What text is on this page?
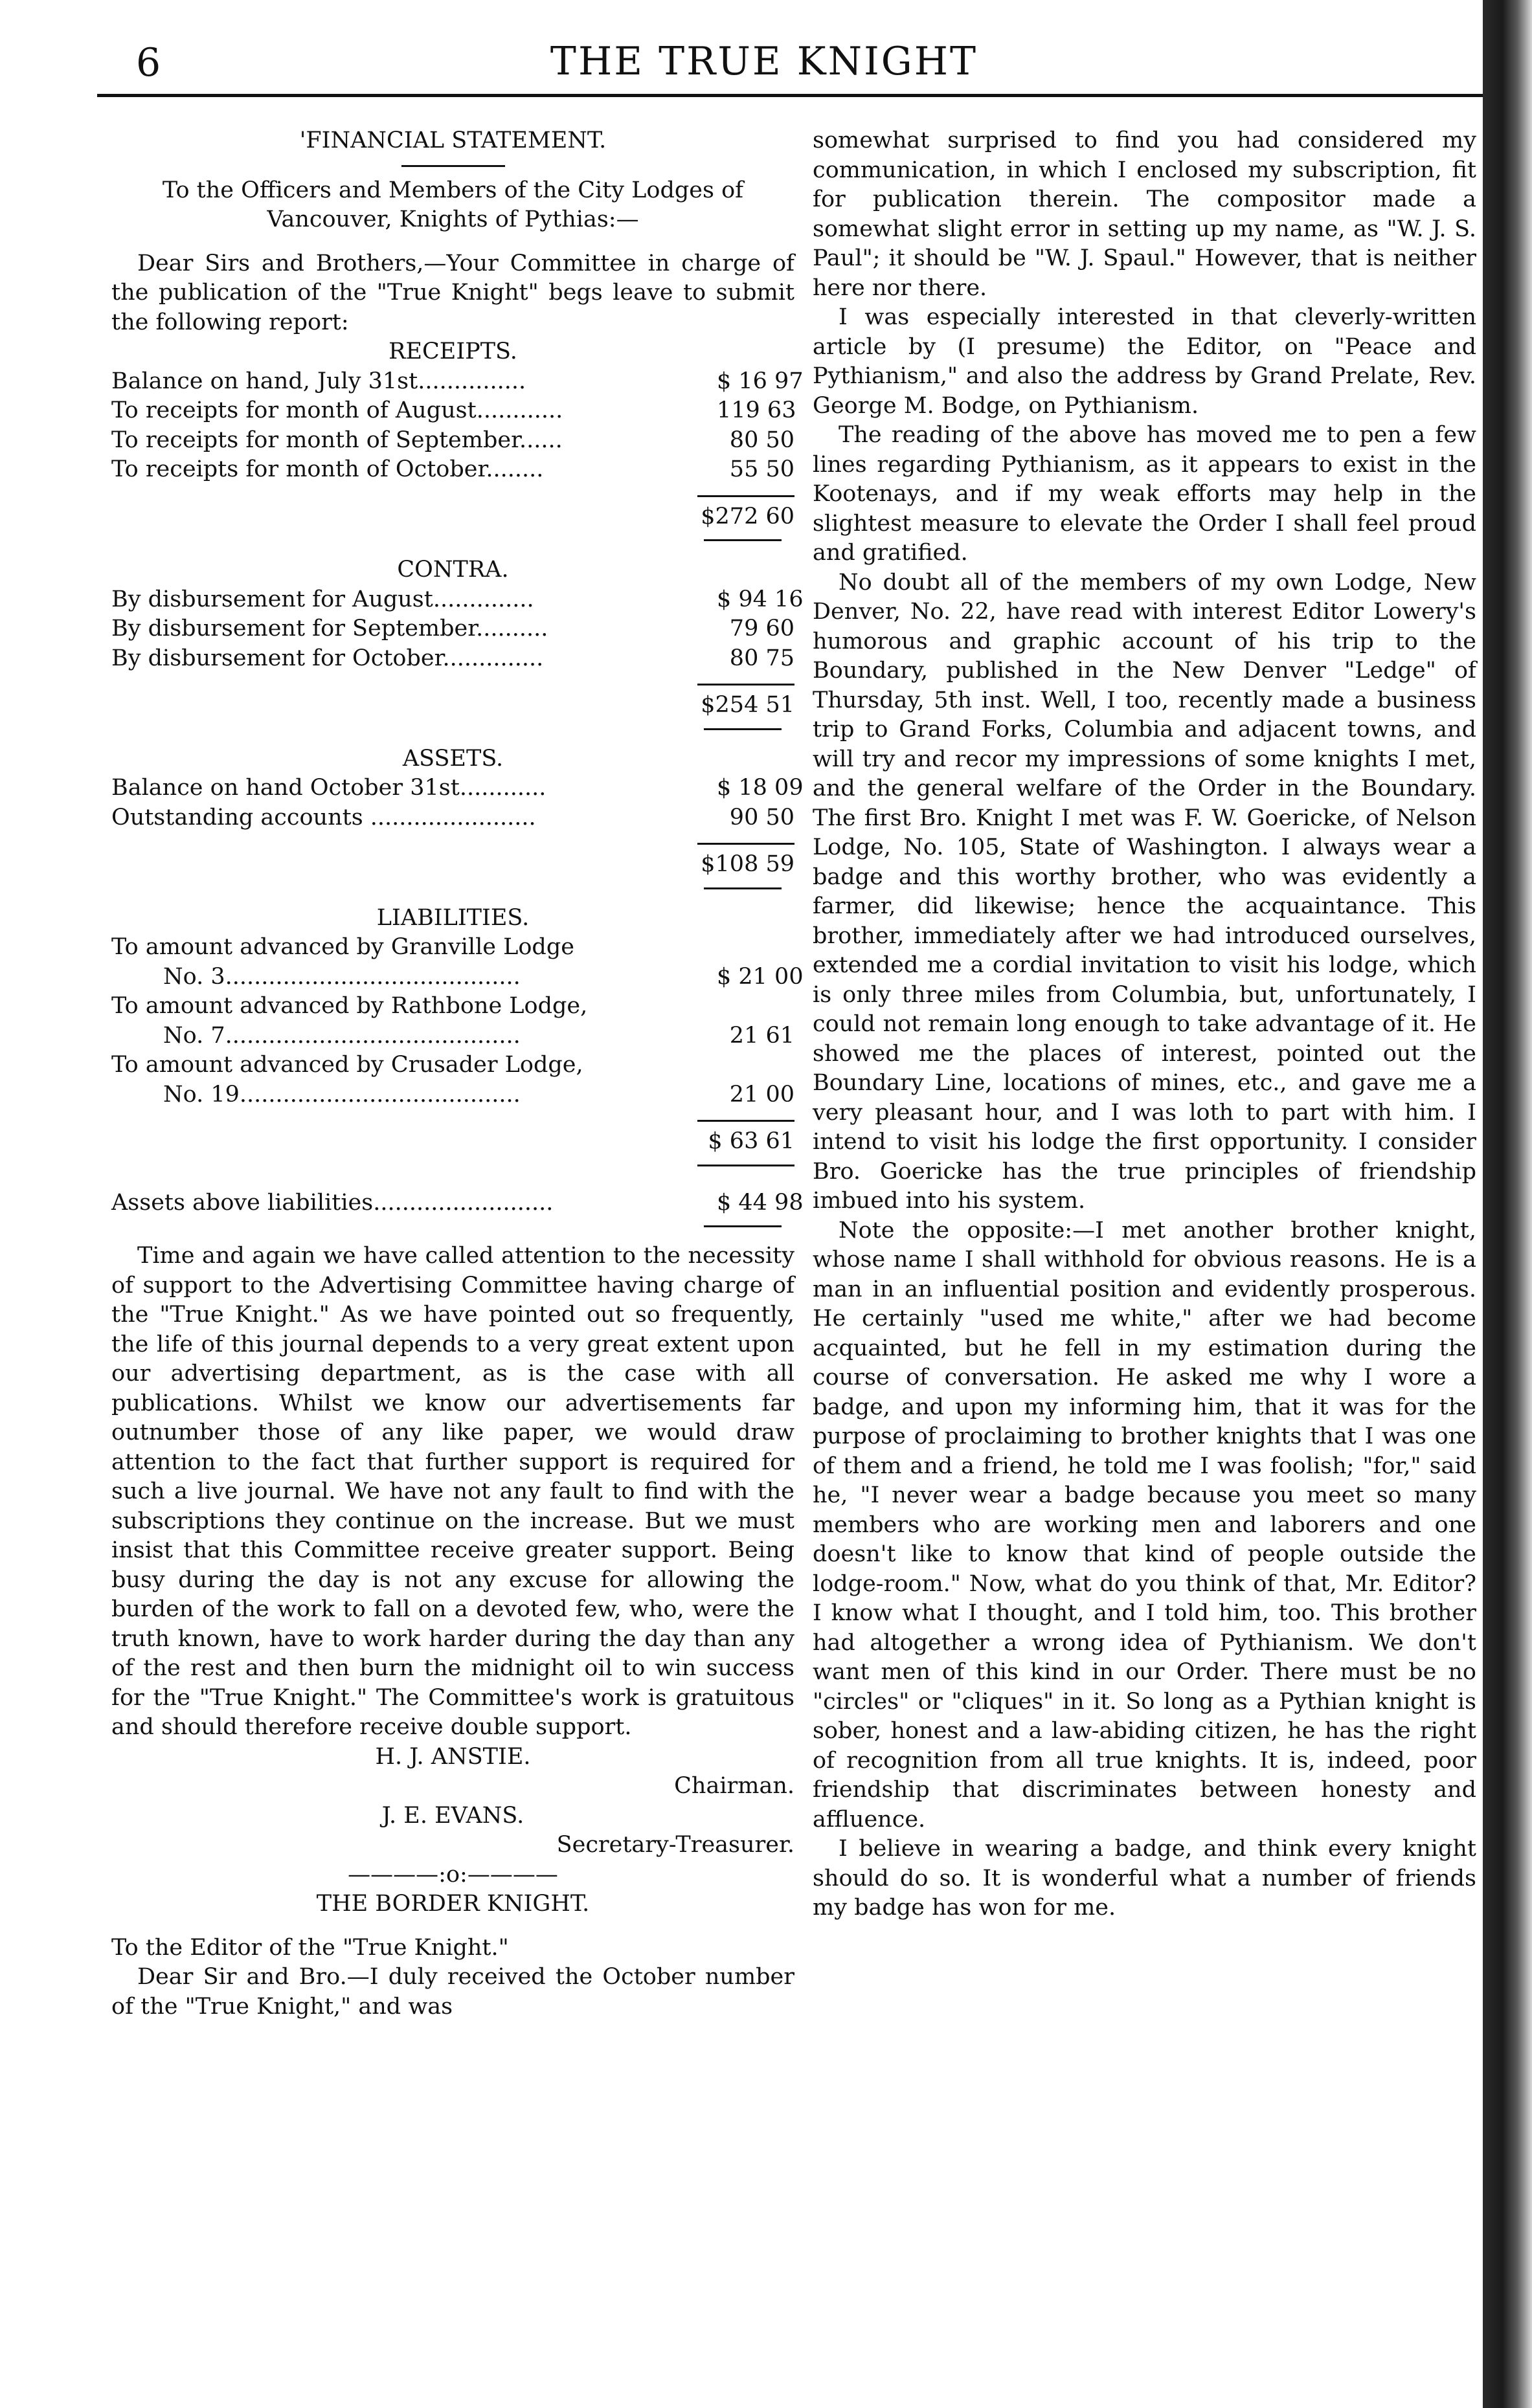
6	THE TRUE KNIGHT

'FINANCIAL STATEMENT.

To the Officers and Members of the City Lodges of Vancouver, Knights of Pythias:—

Dear Sirs and Brothers,—Your Committee in charge of the publication of the "True Knight" begs leave to submit the following report:

RECEIPTS.

Balance on hand, July 31st...............	$ 16 97
To receipts for month of August............	119 63
To receipts for month of September......	80 50
To receipts for month of October........	55 50
$272 60

CONTRA.

By disbursement for August..............	$ 94 16
By disbursement for September..........	79 60
By disbursement for October..............	80 75
$254 51

ASSETS.

Balance on hand October 31st............	$ 18 09
Outstanding accounts .......................	90 50
$108 59

LIABILITIES.

To amount advanced by Granville Lodge
No. 3.........................................	$ 21 00
To amount advanced by Rathbone Lodge,
No. 7.........................................	21 61
To amount advanced by Crusader Lodge,
No. 19.......................................	21 00
$ 63 61
Assets above liabilities.........................	$ 44 98

Time and again we have called attention to the necessity of support to the Advertising Committee having charge of the "True Knight." As we have pointed out so frequently, the life of this journal depends to a very great extent upon our advertising department, as is the case with all publications. Whilst we know our advertisements far outnumber those of any like paper, we would draw attention to the fact that further support is required for such a live journal. We have not any fault to find with the subscriptions they continue on the increase. But we must insist that this Committee receive greater support. Being busy during the day is not any excuse for allowing the burden of the work to fall on a devoted few, who, were the truth known, have to work harder during the day than any of the rest and then burn the midnight oil to win success for the "True Knight." The Committee's work is gratuitous and should therefore receive double support.

H. J. ANSTIE.

Chairman.

J. E. EVANS.

Secretary-Treasurer.

————:o:————

THE BORDER KNIGHT.

To the Editor of the "True Knight."

Dear Sir and Bro.—I duly received the October number of the "True Knight," and was

somewhat surprised to find you had considered my communication, in which I enclosed my subscription, fit for publication therein. The compositor made a somewhat slight error in setting up my name, as "W. J. S. Paul"; it should be "W. J. Spaul." However, that is neither here nor there.

I was especially interested in that cleverly-written article by (I presume) the Editor, on "Peace and Pythianism," and also the address by Grand Prelate, Rev. George M. Bodge, on Pythianism.

The reading of the above has moved me to pen a few lines regarding Pythianism, as it appears to exist in the Kootenays, and if my weak efforts may help in the slightest measure to elevate the Order I shall feel proud and gratified.

No doubt all of the members of my own Lodge, New Denver, No. 22, have read with interest Editor Lowery's humorous and graphic account of his trip to the Boundary, published in the New Denver "Ledge" of Thursday, 5th inst. Well, I too, recently made a business trip to Grand Forks, Columbia and adjacent towns, and will try and recor my impressions of some knights I met, and the general welfare of the Order in the Boundary. The first Bro. Knight I met was F. W. Goericke, of Nelson Lodge, No. 105, State of Washington. I always wear a badge and this worthy brother, who was evidently a farmer, did likewise; hence the acquaintance. This brother, immediately after we had introduced ourselves, extended me a cordial invitation to visit his lodge, which is only three miles from Columbia, but, unfortunately, I could not remain long enough to take advantage of it. He showed me the places of interest, pointed out the Boundary Line, locations of mines, etc., and gave me a very pleasant hour, and I was loth to part with him. I intend to visit his lodge the first opportunity. I consider Bro. Goericke has the true principles of friendship imbued into his system.

Note the opposite:—I met another brother knight, whose name I shall withhold for obvious reasons. He is a man in an influential position and evidently prosperous. He certainly "used me white," after we had become acquainted, but he fell in my estimation during the course of conversation. He asked me why I wore a badge, and upon my informing him, that it was for the purpose of proclaiming to brother knights that I was one of them and a friend, he told me I was foolish; "for," said he, "I never wear a badge because you meet so many members who are working men and laborers and one doesn't like to know that kind of people outside the lodge-room." Now, what do you think of that, Mr. Editor? I know what I thought, and I told him, too. This brother had altogether a wrong idea of Pythianism. We don't want men of this kind in our Order. There must be no "circles" or "cliques" in it. So long as a Pythian knight is sober, honest and a law-abiding citizen, he has the right of recognition from all true knights. It is, indeed, poor friendship that discriminates between honesty and affluence.

I believe in wearing a badge, and think every knight should do so. It is wonderful what a number of friends my badge has won for me.
